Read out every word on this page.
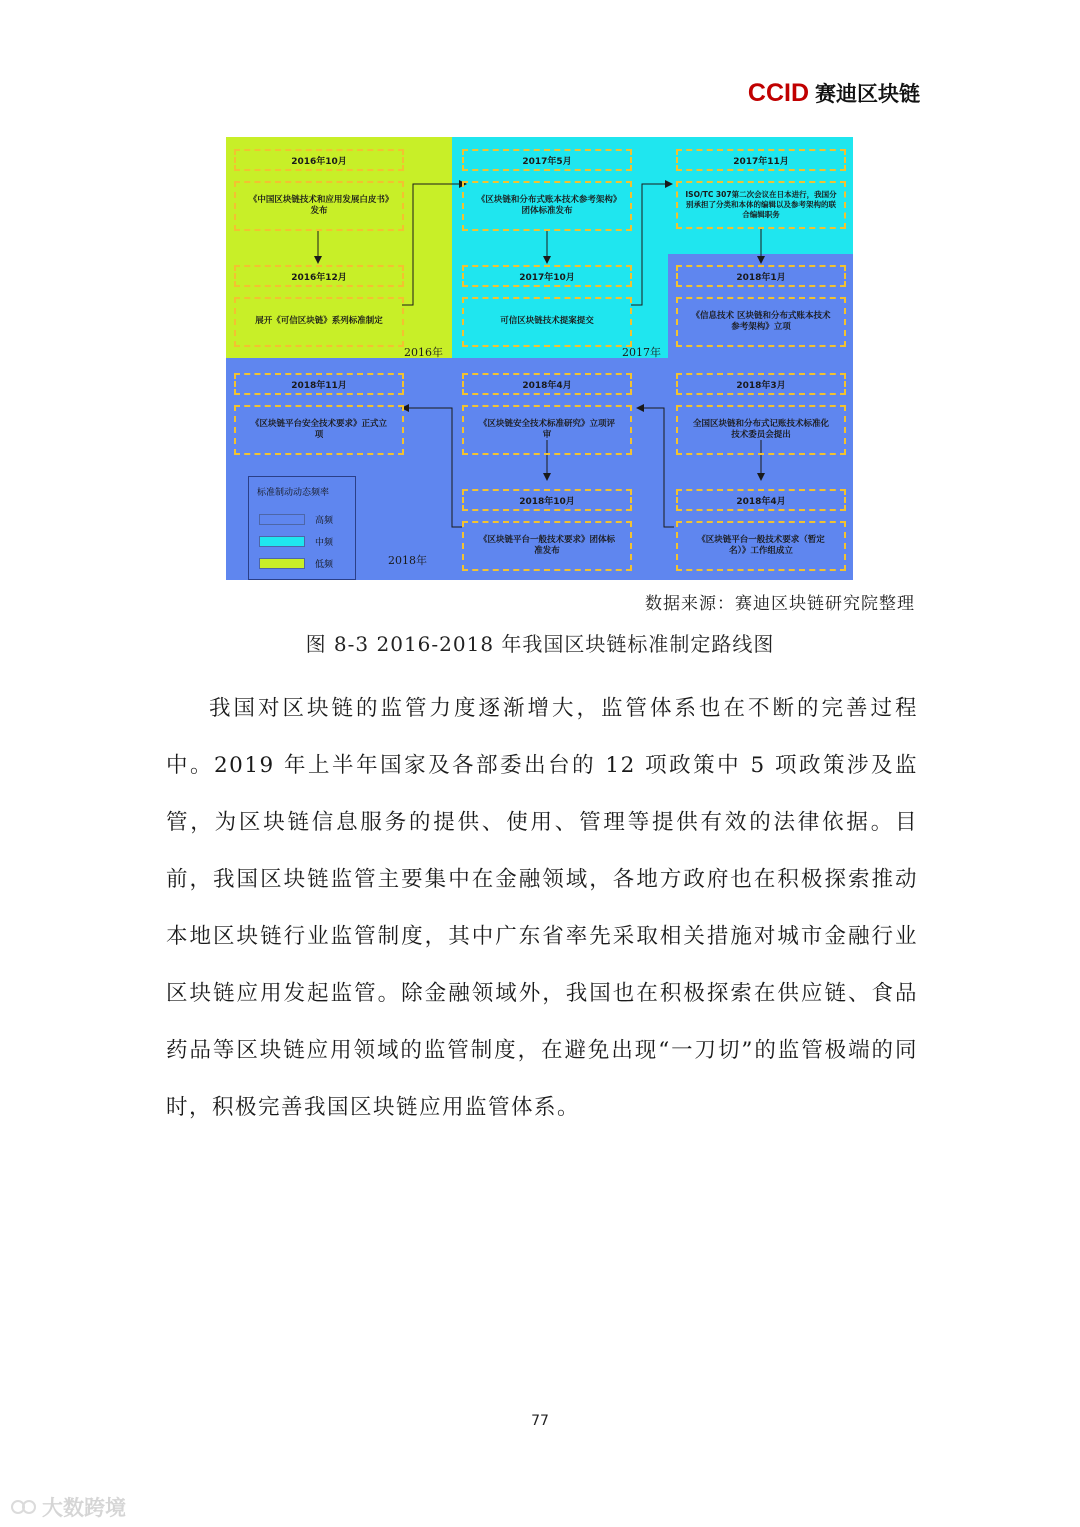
CCID 赛迪区块链
2016年	2017年
2018年
2016年10月
《中国区块链技术和应用发展白皮书》发布
2016年12月
展开《可信区块链》系列标准制定
2017年5月
《区块链和分布式账本技术参考架构》团体标准发布
2017年10月
可信区块链技术提案提交
2017年11月
ISO/TC 307第二次会议在日本进行，我国分别承担了分类和本体的编辑以及参考架构的联合编辑职务
2018年1月
《信息技术 区块链和分布式账本技术 参考架构》立项
2018年3月
全国区块链和分布式记账技术标准化技术委员会提出
2018年4月
《区块链平台一般技术要求（暂定名）》工作组成立
2018年4月
《区块链安全技术标准研究》立项评审
2018年10月
《区块链平台一般技术要求》团体标准发布
2018年11月
《区块链平台安全技术要求》正式立项
标准制动动态频率
高频
中频
低频
数据来源：赛迪区块链研究院整理
图 8-3 2016-2018 年我国区块链标准制定路线图

我国对区块链的监管力度逐渐增大，监管体系也在不断的完善过程中。2019 年上半年国家及各部委出台的 12 项政策中 5 项政策涉及监管，为区块链信息服务的提供、使用、管理等提供有效的法律依据。目前，我国区块链监管主要集中在金融领域，各地方政府也在积极探索推动本地区块链行业监管制度，其中广东省率先采取相关措施对城市金融行业区块链应用发起监管。除金融领域外，我国也在积极探索在供应链、食品药品等区块链应用领域的监管制度，在避免出现“一刀切”的监管极端的同时，积极完善我国区块链应用监管体系。

77
大数跨境
